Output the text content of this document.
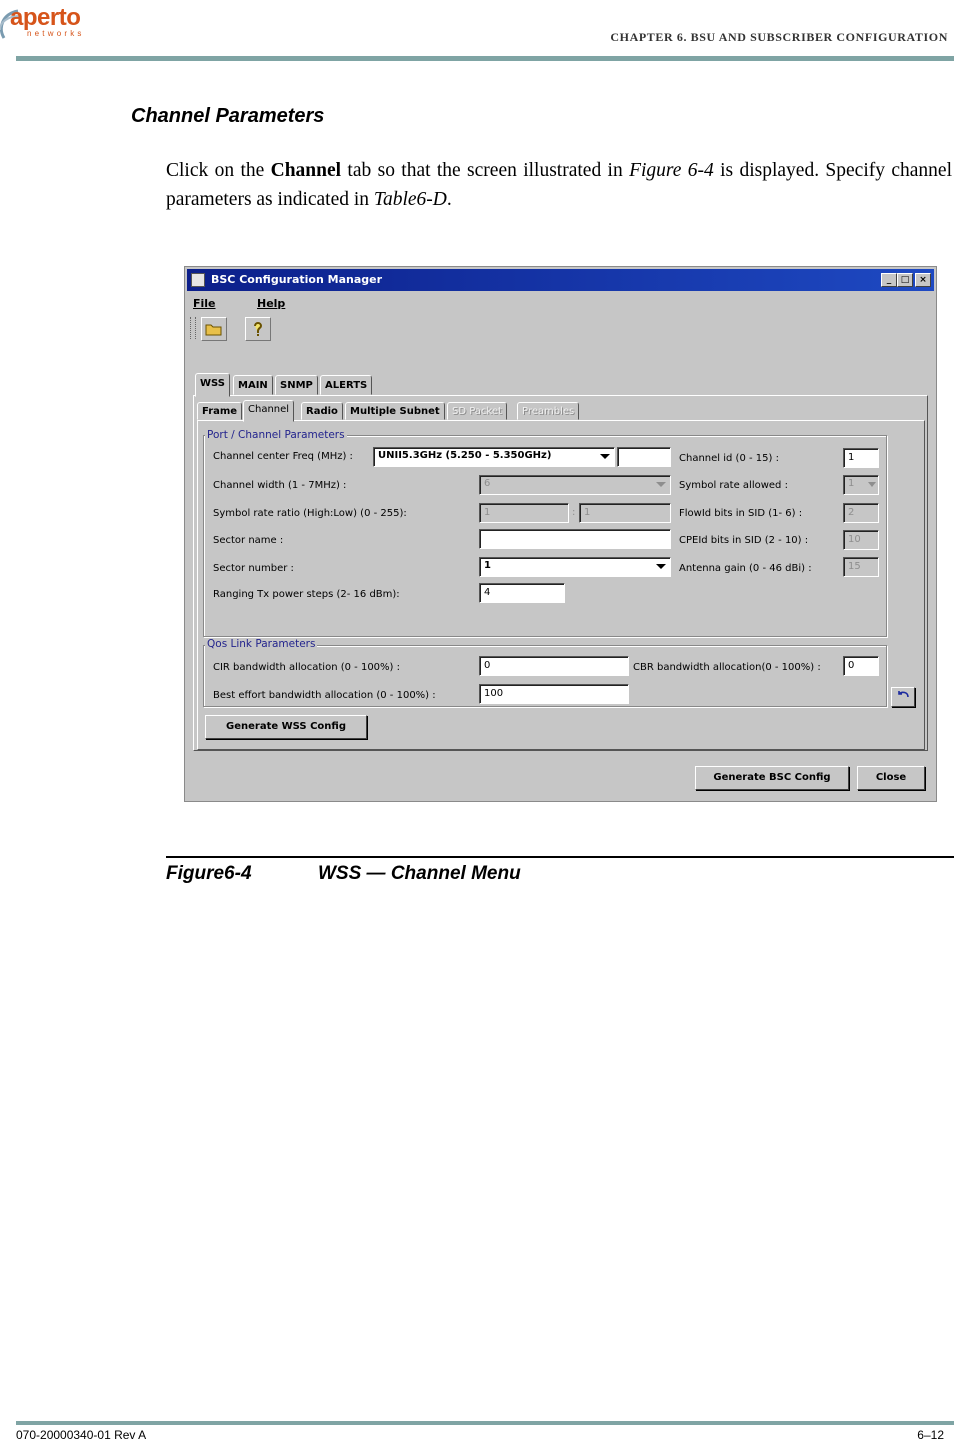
aperto
networks	CHAPTER 6. BSU AND SUBSCRIBER CONFIGURATION
Channel Parameters
Click on the Channel tab so that the screen illustrated in Figure 6-4 is displayed. Specify channel parameters as indicated in Table6-D.
BSC Configuration Manager	_	□	×
File	Help
WSS	MAIN	SNMP	ALERTS
Frame	Channel	Radio	Multiple Subnet	SD Packet	Preambles
Port / Channel Parameters
Channel center Freq (MHz) :	UNII5.3GHz (5.250 - 5.350GHz)
Channel width (1 - 7MHz) :	6
Symbol rate ratio (High:Low) (0 - 255):	1	: 1
Sector name :
Sector number :	1
Ranging Tx power steps (2- 16 dBm):	4
Channel id (0 - 15) :	1
Symbol rate allowed :	1
FlowId bits in SID (1- 6) :	2
CPEId bits in SID (2 - 10) :	10
Antenna gain (0 - 46 dBi) :	15
Qos Link Parameters
CIR bandwidth allocation (0 - 100%) :	0	CBR bandwidth allocation(0 - 100%) :	0
Best effort bandwidth allocation (0 - 100%) :	100
Generate WSS Config
Generate BSC Config	Close
Figure6-4	WSS — Channel Menu
070-20000340-01 Rev A	6–12
